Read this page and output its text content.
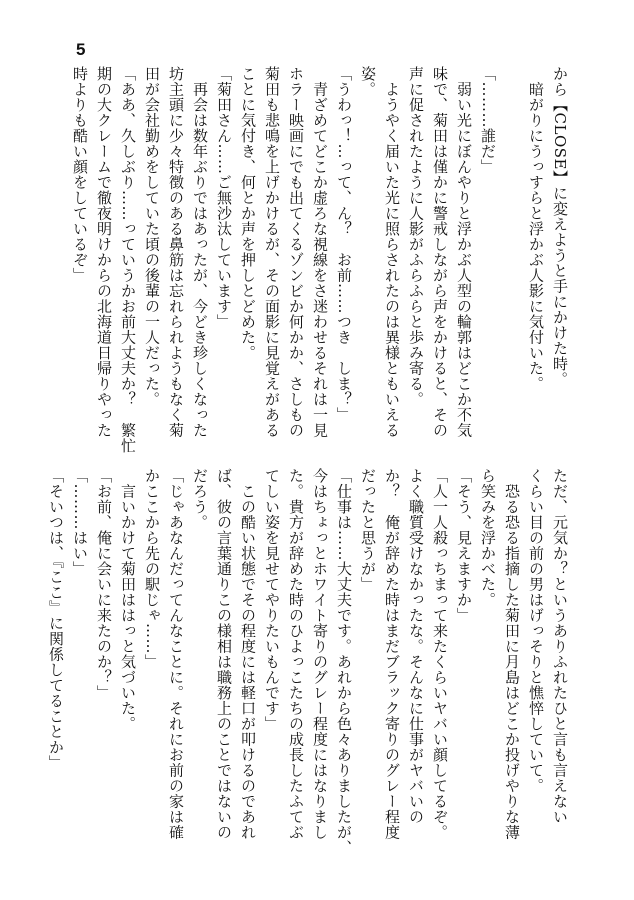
5
から【CLOSE】に変えようと手にかけた時。
　暗がりにうっすらと浮かぶ人影に気付いた。
「………誰だ」
　弱い光にぼんやりと浮かぶ人型の輪郭はどこか不気
味で、菊田は僅かに警戒しながら声をかけると、その
声に促されたように人影がふらふらと歩み寄る。
　ようやく届いた光に照らされたのは異様ともいえる
姿。
「うわっ！…って、ん？　お前……つき　しま？」
　青ざめてどこか虚ろな視線をさ迷わせるそれは一見
ホラー映画にでも出てくるゾンビか何かか、さしもの
菊田も悲鳴を上げかけるが、その面影に見覚えがある
ことに気付き、何とか声を押しとどめた。
「菊田さん……ご無沙汰しています」
　再会は数年ぶりではあったが、今どき珍しくなった
坊主頭に少々特徴のある鼻筋は忘れられようもなく菊
田が会社勤めをしていた頃の後輩の一人だった。
「ああ、久しぶり……っていうかお前大丈夫か？　繁忙
期の大クレームで徹夜明けからの北海道日帰りやった
時よりも酷い顔をしているぞ」
ただ、元気か？というありふれたひと言も言えない
くらい目の前の男はげっそりと憔悴していて。
　恐る恐る指摘した菊田に月島はどこか投げやりな薄
ら笑みを浮かべた。
「そう、見えますか」
「人一人殺っちまって来たくらいヤバい顔してるぞ。
よく職質受けなかったな。そんなに仕事がヤバいの
か？　俺が辞めた時はまだブラック寄りのグレー程度
だったと思うが」
「仕事は……大丈夫です。あれから色々ありましたが、
今はちょっとホワイト寄りのグレー程度にはなりまし
た。貴方が辞めた時のひよっこたちの成長したふてぶ
てしい姿を見せてやりたいもんです」
　この酷い状態でその程度には軽口が叩けるのであれ
ば、彼の言葉通りこの様相は職務上のことではないの
だろう。
「じゃあなんだってんなことに。それにお前の家は確
かここから先の駅じゃ……」
　言いかけて菊田ははっと気づいた。
「お前、俺に会いに来たのか？」
「………はい」
「そいつは、『ここ』に関係してることか」
